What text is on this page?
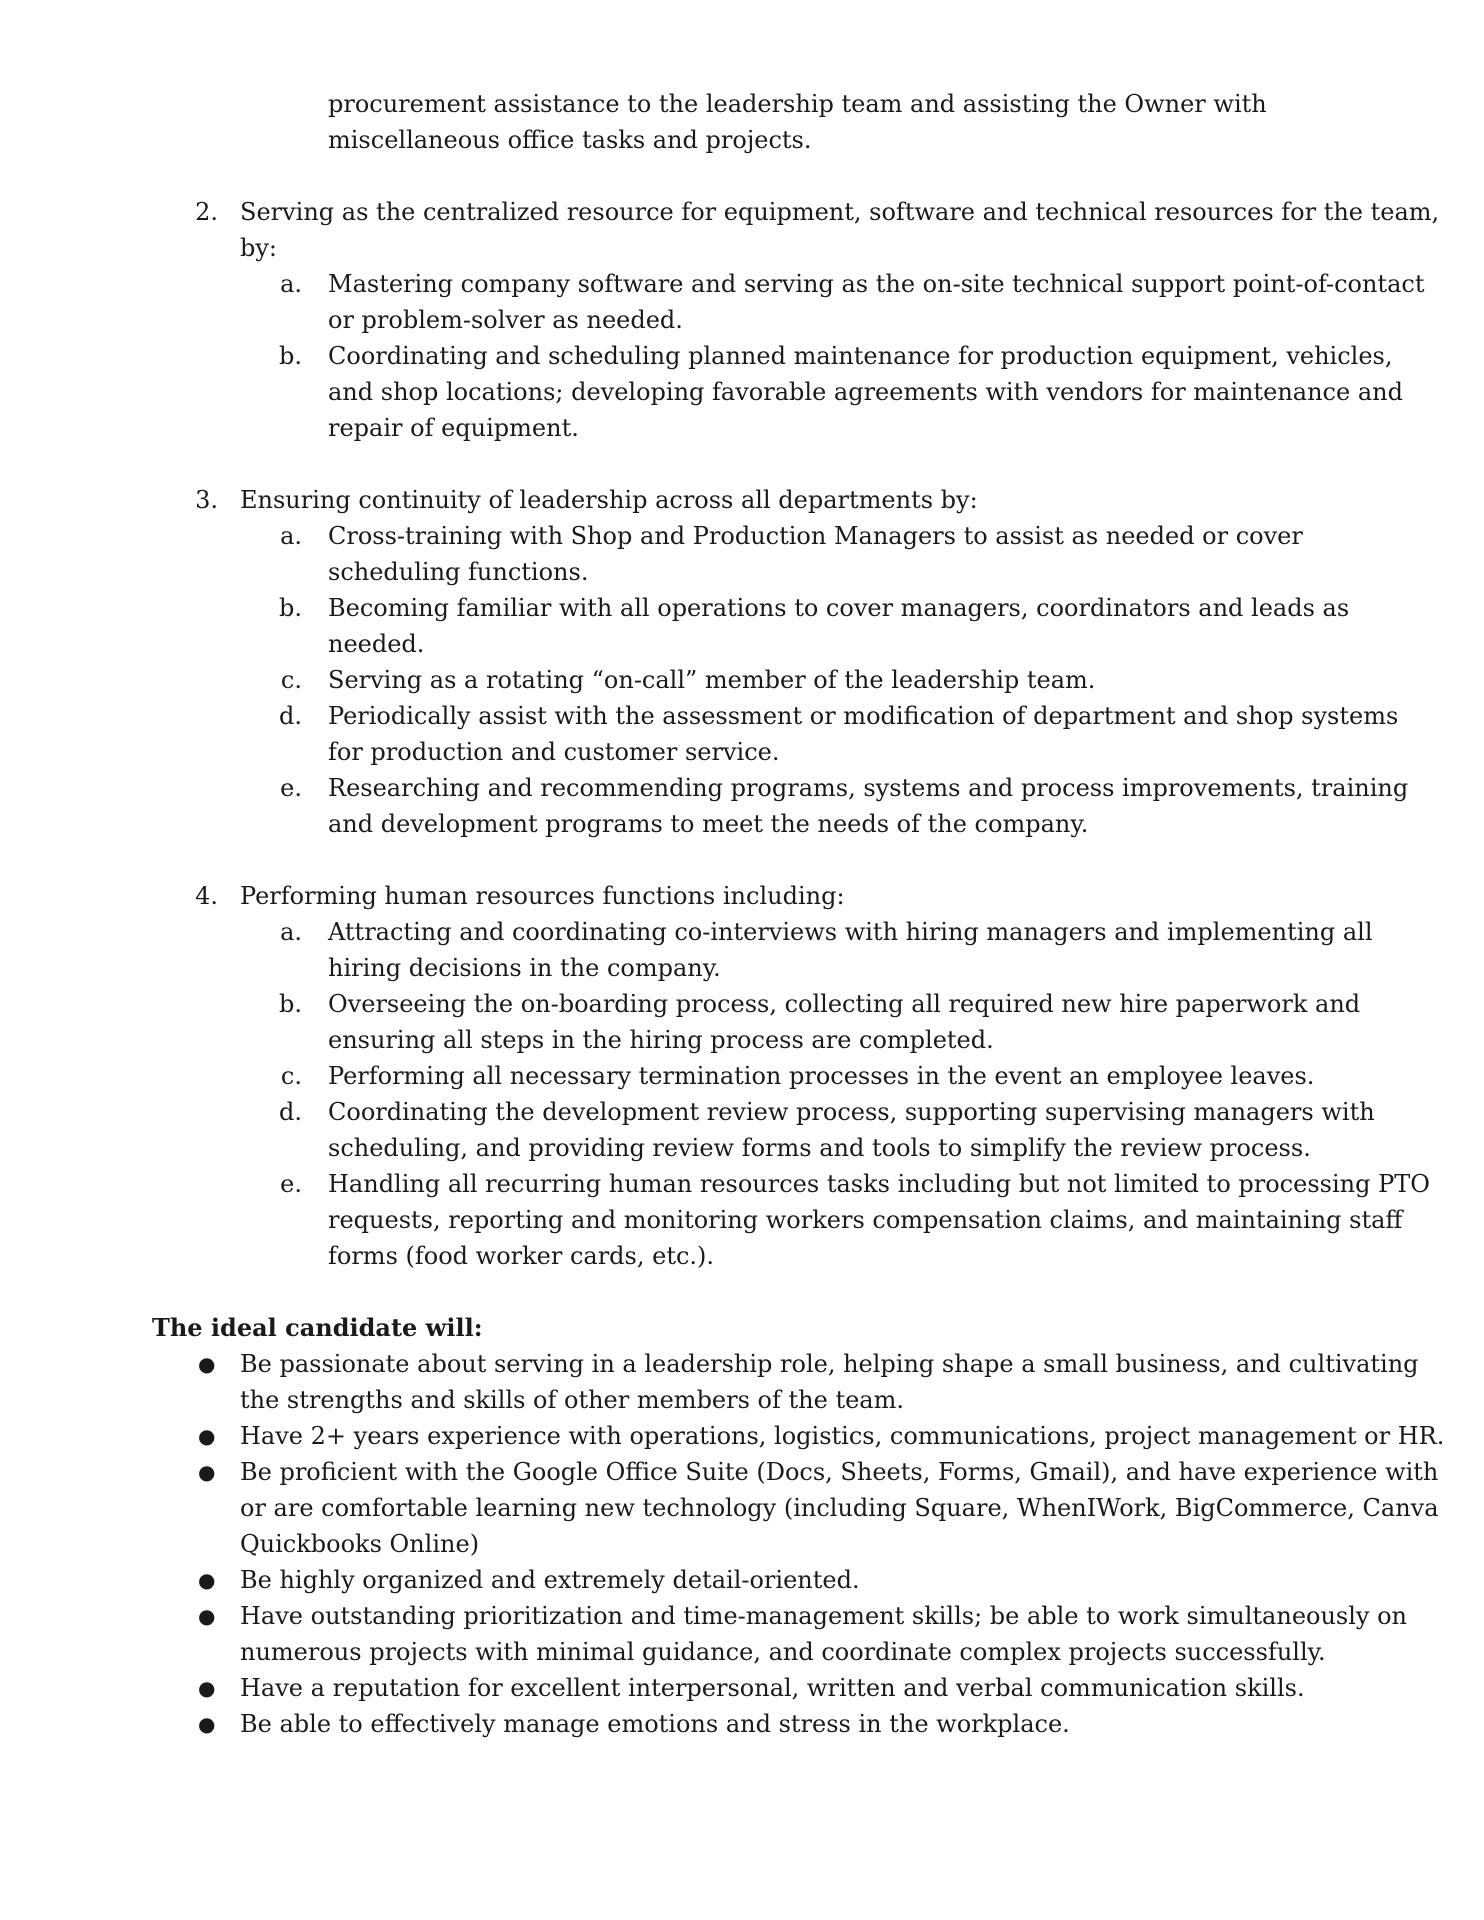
procurement assistance to the leadership team and assisting the Owner with
miscellaneous office tasks and projects.
2. Serving as the centralized resource for equipment, software and technical resources for the team,
by:
a. Mastering company software and serving as the on-site technical support point-of-contact
or problem-solver as needed.
b. Coordinating and scheduling planned maintenance for production equipment, vehicles,
and shop locations; developing favorable agreements with vendors for maintenance and
repair of equipment.
3. Ensuring continuity of leadership across all departments by:
a. Cross-training with Shop and Production Managers to assist as needed or cover
scheduling functions.
b. Becoming familiar with all operations to cover managers, coordinators and leads as
needed.
c. Serving as a rotating “on-call” member of the leadership team.
d. Periodically assist with the assessment or modification of department and shop systems
for production and customer service.
e. Researching and recommending programs, systems and process improvements, training
and development programs to meet the needs of the company.
4. Performing human resources functions including:
a. Attracting and coordinating co-interviews with hiring managers and implementing all
hiring decisions in the company.
b. Overseeing the on-boarding process, collecting all required new hire paperwork and
ensuring all steps in the hiring process are completed.
c. Performing all necessary termination processes in the event an employee leaves.
d. Coordinating the development review process, supporting supervising managers with
scheduling, and providing review forms and tools to simplify the review process.
e. Handling all recurring human resources tasks including but not limited to processing PTO
requests, reporting and monitoring workers compensation claims, and maintaining staff
forms (food worker cards, etc.).
The ideal candidate will:
● Be passionate about serving in a leadership role, helping shape a small business, and cultivating
the strengths and skills of other members of the team.
● Have 2+ years experience with operations, logistics, communications, project management or HR.
● Be proficient with the Google Office Suite (Docs, Sheets, Forms, Gmail), and have experience with
or are comfortable learning new technology (including Square, WhenIWork, BigCommerce, Canva
Quickbooks Online)
● Be highly organized and extremely detail-oriented.
● Have outstanding prioritization and time-management skills; be able to work simultaneously on
numerous projects with minimal guidance, and coordinate complex projects successfully.
● Have a reputation for excellent interpersonal, written and verbal communication skills.
● Be able to effectively manage emotions and stress in the workplace.
